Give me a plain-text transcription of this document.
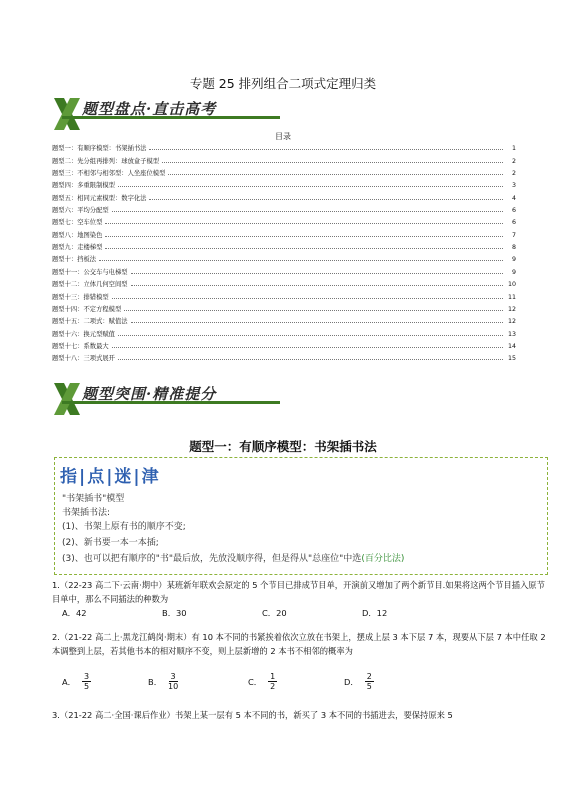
专题 25 排列组合二项式定理归类
题型盘点·直击高考
目录
题型一：有顺序模型：书架插书法	1
题型二：先分组再排列：球放盒子模型	2
题型三：不相邻与相邻型：人坐座位模型	2
题型四：多重限制模型	3
题型五：相同元素模型：数字化法	4
题型六：平均分配型	6
题型七：空车位型	6
题型八：地图染色	7
题型九：走楼梯型	8
题型十：挡板法	9
题型十一：公交车与电梯型	9
题型十二：立体几何空间型	10
题型十三：排错模型	11
题型十四：不定方程模型	12
题型十五：二项式：赋值法	12
题型十六：换元型赋值	13
题型十七：系数最大	14
题型十八：三项式展开	15
题型突围·精准提分
题型一：有顺序模型：书架插书法
指|点|迷|津
"书架插书"模型
书架插书法:
(1)、书架上原有书的顺序不变;
(2)、新书要一本一本插;
(3)、也可以把有顺序的"书"最后放，先放没顺序得，但是得从"总座位"中选(百分比法)
1.（22-23 高二下·云南·期中）某班新年联欢会原定的 5 个节目已排成节目单，开演前又增加了两个新节目.如果将这两个节目插入原节目单中，那么不同插法的种数为
A．42	B．30	C．20	D．12
2.（21-22 高二上·黑龙江鹤岗·期末）有 10 本不同的书紧挨着依次立放在书架上，摆成上层 3 本下层 7 本，现要从下层 7 本中任取 2 本调整到上层，若其他书本的相对顺序不变，则上层新增的 2 本书不相邻的概率为
A． $\frac{3}{5}$	B． $\frac{3}{10}$	C． $\frac{1}{2}$	D． $\frac{2}{5}$
3.（21-22 高二·全国·课后作业）书架上某一层有 5 本不同的书，新买了 3 本不同的书插进去，要保持原来 5
